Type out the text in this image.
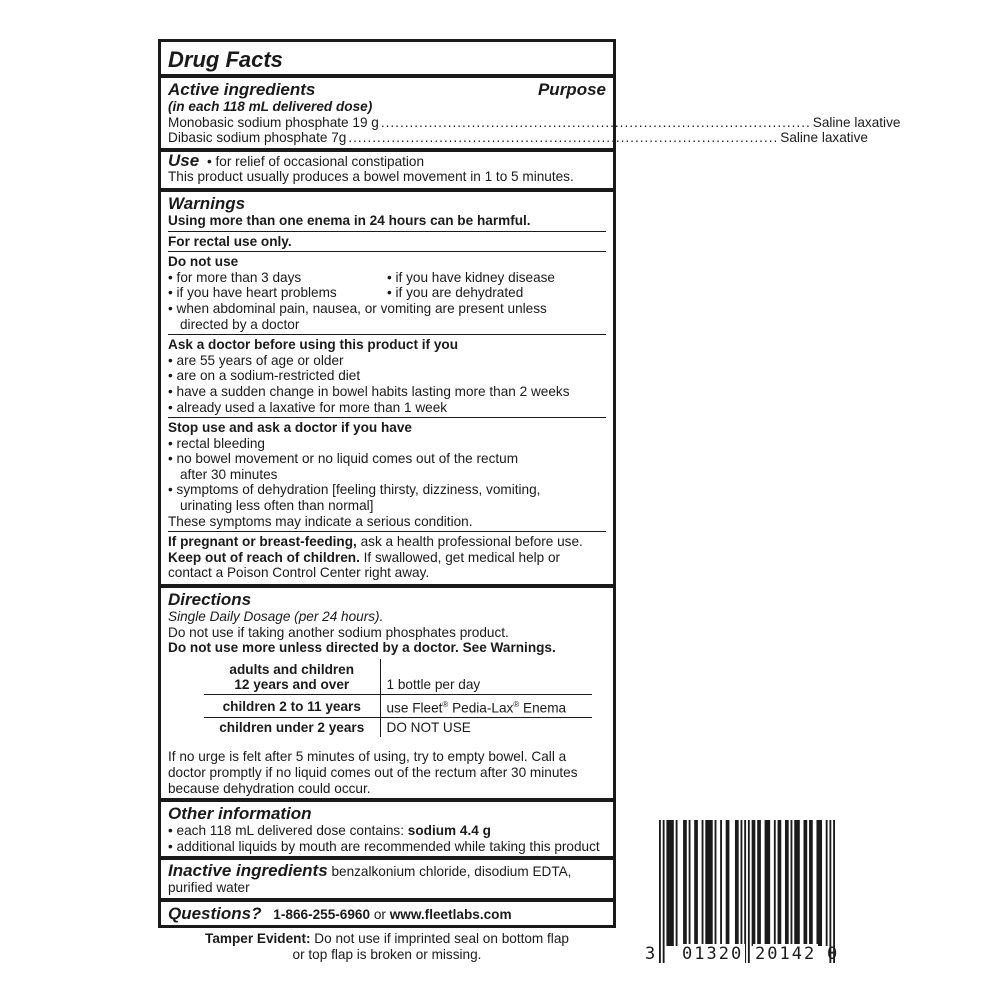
Drug Facts
Active ingredients	Purpose
(in each 118 mL delivered dose)
Monobasic sodium phosphate 19 g .......................................................................................... Saline laxative
Dibasic sodium phosphate 7g .......................................................................................... Saline laxative
Use • for relief of occasional constipation
This product usually produces a bowel movement in 1 to 5 minutes.
Warnings
Using more than one enema in 24 hours can be harmful.
For rectal use only.
Do not use
• for more than 3 days
• if you have heart problems
• if you have kidney disease
• if you are dehydrated
• when abdominal pain, nausea, or vomiting are present unless
directed by a doctor
Ask a doctor before using this product if you
• are 55 years of age or older
• are on a sodium-restricted diet
• have a sudden change in bowel habits lasting more than 2 weeks
• already used a laxative for more than 1 week
Stop use and ask a doctor if you have
• rectal bleeding
• no bowel movement or no liquid comes out of the rectum
after 30 minutes
• symptoms of dehydration [feeling thirsty, dizziness, vomiting,
urinating less often than normal]
These symptoms may indicate a serious condition.
If pregnant or breast-feeding, ask a health professional before use.
Keep out of reach of children. If swallowed, get medical help or
contact a Poison Control Center right away.
Directions
Single Daily Dosage (per 24 hours).
Do not use if taking another sodium phosphates product.
Do not use more unless directed by a doctor. See Warnings.
adults and children
12 years and over	1 bottle per day
children 2 to 11 years	use Fleet® Pedia-Lax® Enema
children under 2 years	DO NOT USE
If no urge is felt after 5 minutes of using, try to empty bowel. Call a
doctor promptly if no liquid comes out of the rectum after 30 minutes
because dehydration could occur.
Other information
• each 118 mL delivered dose contains: sodium 4.4 g
• additional liquids by mouth are recommended while taking this product
Inactive ingredients benzalkonium chloride, disodium EDTA,
purified water
Questions? 1-866-255-6960 or www.fleetlabs.com
Tamper Evident: Do not use if imprinted seal on bottom flap
or top flap is broken or missing.	3 01320 20142 0
